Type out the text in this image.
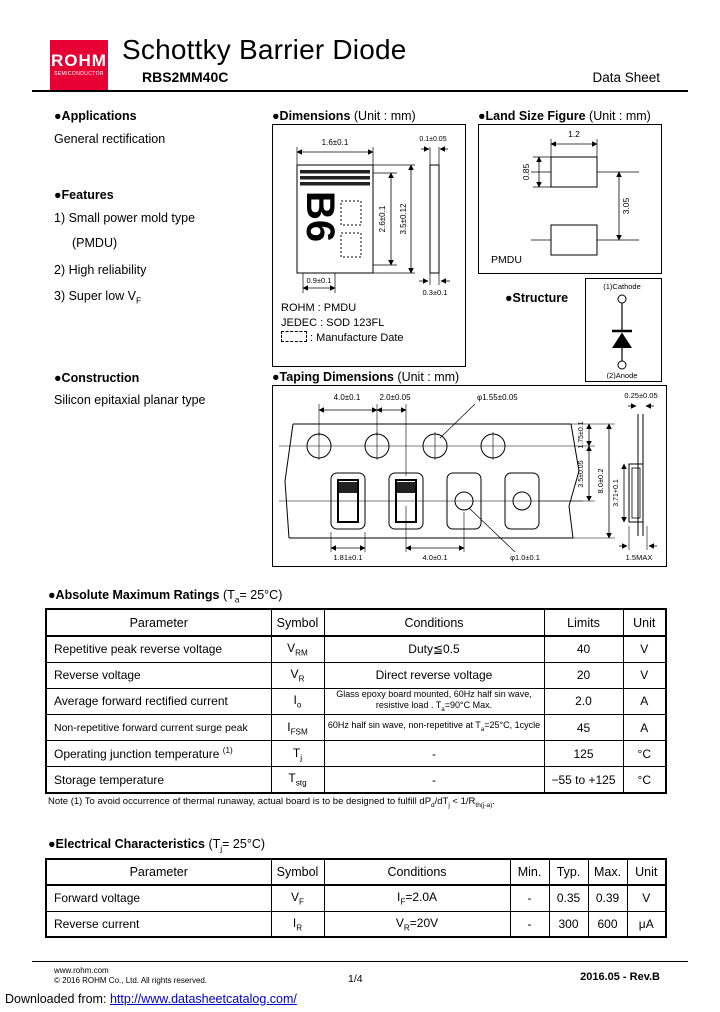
ROHM
SEMICONDUCTOR
Schottky Barrier Diode
RBS2MM40C	Data Sheet
●Applications
General rectification
●Features
1) Small power mold type
(PMDU)
2) High reliability
3) Super low $V_F$
●Construction
Silicon epitaxial planar type
●Dimensions (Unit : mm)
B6
1.6±0.1
2.6±0.1 3.5±0.12
0.9±0.1
0.1±0.05
0.3±0.1
ROHM : PMDU
JEDEC : SOD 123FL
: Manufacture Date
●Land Size Figure (Unit : mm)
1.2
0.85
3.05
PMDU
●Structure
(1)Cathode
(2)Anode
●Taping Dimensions (Unit : mm)
φ1.55±0.05
4.0±0.1 2.0±0.05
1.75±0.1
3.5±0.05 8.0±0.2
1.81±0.1	4.0±0.1	φ1.0±0.1
0.25±0.05
3.71+0.1
1.5MAX
●Absolute Maximum Ratings $(T_a= 25^\circ C)$
Parameter	Symbol	Conditions	Limits	Unit
Repetitive peak reverse voltage	$V_{RM}$	Duty≦0.5	40	V
Reverse voltage	$V_R$	Direct reverse voltage	20	V
Average forward rectified current	$I_o$	Glass epoxy board mounted, 60Hz half sin wave, resistive load . $T_a=90^\circ C$ Max.	2.0	A
Non-repetitive forward current surge peak	$I_{FSM}$	60Hz half sin wave, non-repetitive at $T_a=25^\circ C$, 1cycle	45	A
Operating junction temperature $^{(1)}$	$T_j$	-	125	°C
Storage temperature	$T_{stg}$	-	−55 to +125	°C
Note (1) To avoid occurrence of thermal runaway, actual board is to be designed to fulfill $dP_d/dT_j < 1/R_{th(j-a)}$.
●Electrical Characteristics $(T_j= 25^\circ C)$
Parameter	Symbol	Conditions	Min.	Typ.	Max.	Unit
Forward voltage	$V_F$	$I_F=2.0A$	-	0.35	0.39	V
Reverse current	$I_R$	$V_R=20V$	-	300	600	μA
www.rohm.com
© 2016 ROHM Co., Ltd. All rights reserved.	1/4	2016.05 - Rev.B
Downloaded from: http://www.datasheetcatalog.com/
